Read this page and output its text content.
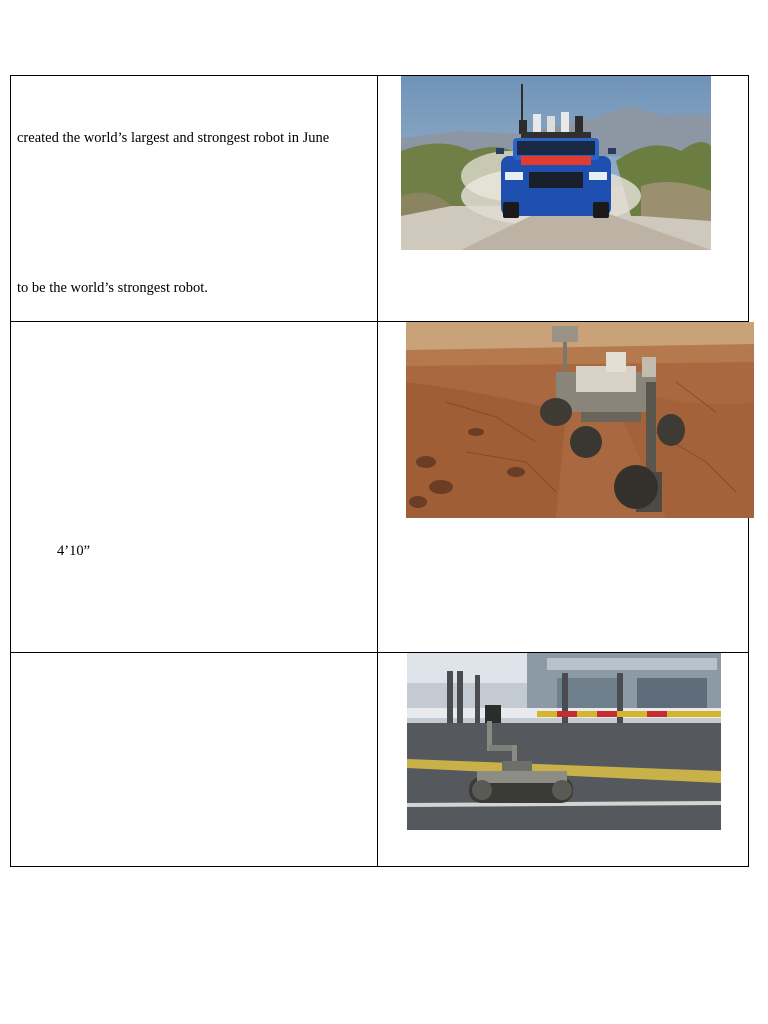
created the world’s largest and strongest robot in June
to be the world’s strongest robot.

4’10”
